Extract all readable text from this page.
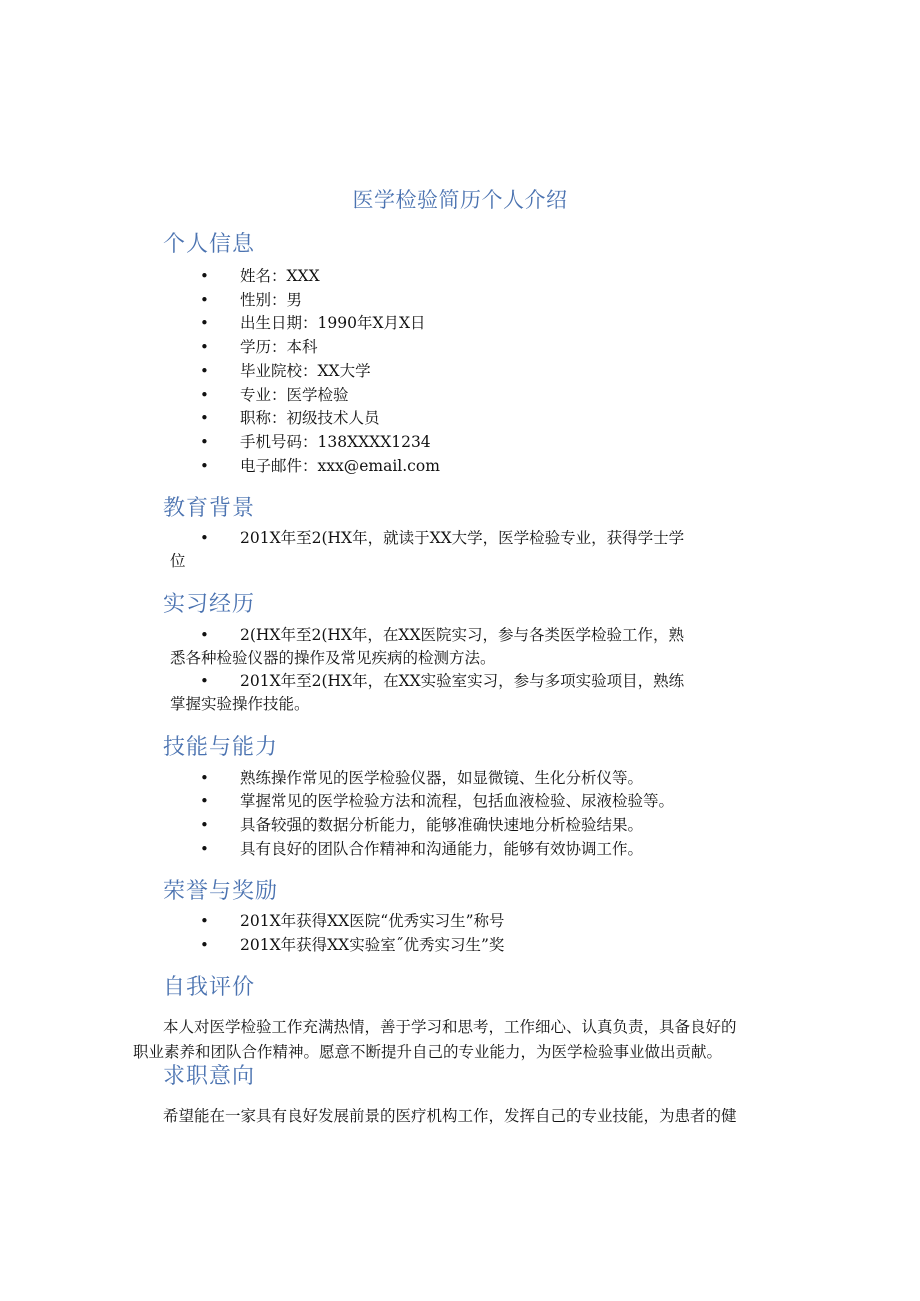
医学检验简历个人介绍
个人信息
• 姓名：XXX
• 性别：男
• 出生日期：1990年X月X日
• 学历：本科
• 毕业院校：XX大学
• 专业：医学检验
• 职称：初级技术人员
• 手机号码：138XXXX1234
• 电子邮件：xxx@email.com
教育背景
• 201X年至2(HX年，就读于XX大学，医学检验专业，获得学士学
位
实习经历
• 2(HX年至2(HX年，在XX医院实习，参与各类医学检验工作，熟
悉各种检验仪器的操作及常见疾病的检测方法。
• 201X年至2(HX年，在XX实验室实习，参与多项实验项目，熟练
掌握实验操作技能。
技能与能力
• 熟练操作常见的医学检验仪器，如显微镜、生化分析仪等。
• 掌握常见的医学检验方法和流程，包括血液检验、尿液检验等。
• 具备较强的数据分析能力，能够准确快速地分析检验结果。
• 具有良好的团队合作精神和沟通能力，能够有效协调工作。
荣誉与奖励
• 201X年获得XX医院“优秀实习生”称号
• 201X年获得XX实验室˝优秀实习生”奖
自我评价
本人对医学检验工作充满热情，善于学习和思考，工作细心、认真负责，具备良好的
职业素养和团队合作精神。愿意不断提升自己的专业能力，为医学检验事业做出贡献。
求职意向
希望能在一家具有良好发展前景的医疗机构工作，发挥自己的专业技能，为患者的健
